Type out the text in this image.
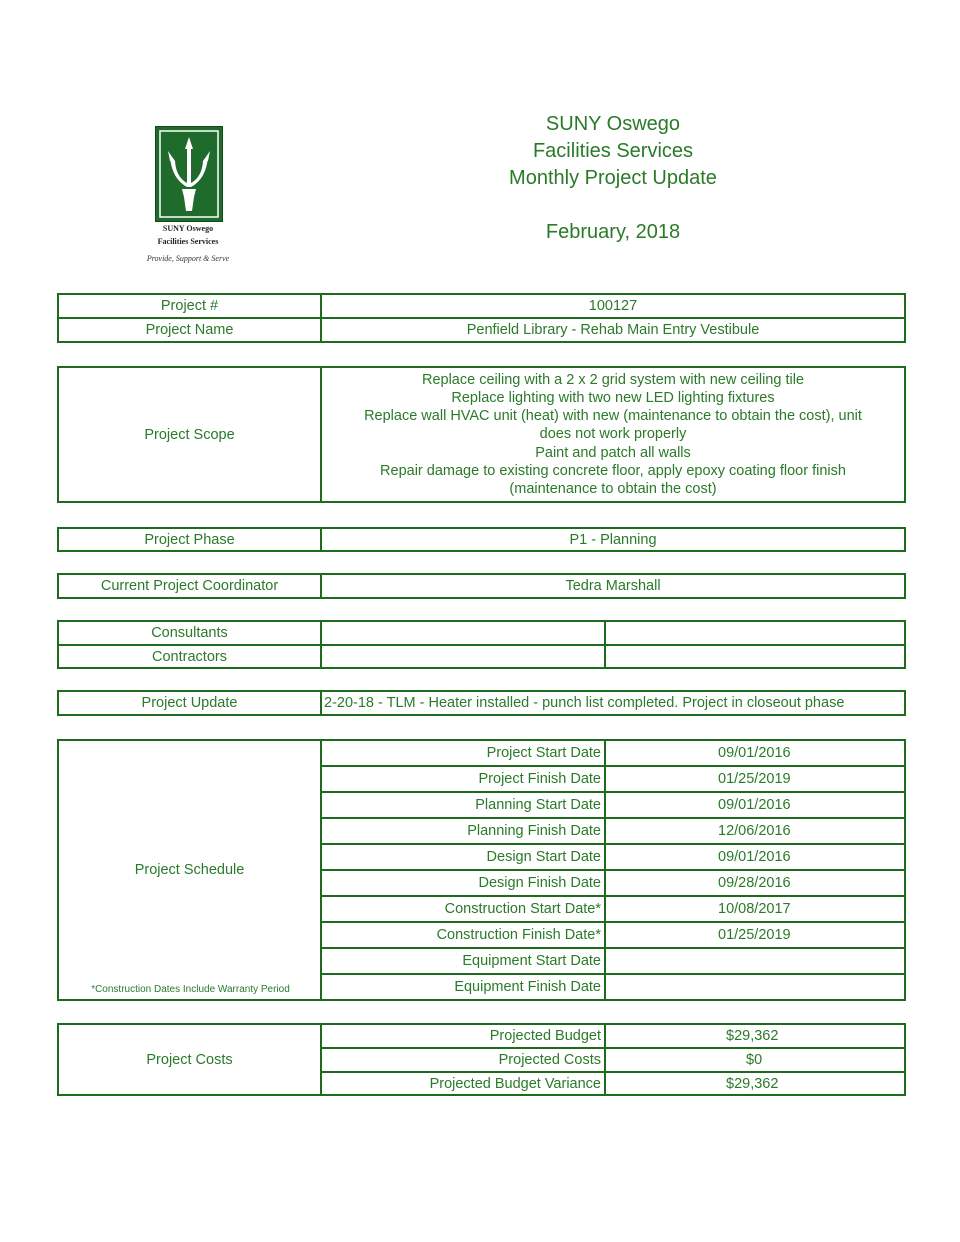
SUNY Oswego
Facilities Services
Provide, Support & Serve
SUNY Oswego
Facilities Services
Monthly Project Update
February, 2018
Project #	100127
Project Name	Penfield Library - Rehab Main Entry Vestibule
Project Scope
Replace ceiling with a 2 x 2 grid system with new ceiling tile
Replace lighting with two new LED lighting fixtures
Replace wall HVAC unit (heat) with new (maintenance to obtain the cost), unit
does not work properly
Paint and patch all walls
Repair damage to existing concrete floor, apply epoxy coating floor finish
(maintenance to obtain the cost)
Project Phase	P1 - Planning
Current Project Coordinator	Tedra Marshall
Consultants
Contractors
Project Update	2-20-18 - TLM - Heater installed - punch list completed. Project in closeout phase
Project Schedule
*Construction Dates Include Warranty Period
Project Start Date	09/01/2016
Project Finish Date	01/25/2019
Planning Start Date	09/01/2016
Planning Finish Date	12/06/2016
Design Start Date	09/01/2016
Design Finish Date	09/28/2016
Construction Start Date*	10/08/2017
Construction Finish Date*	01/25/2019
Equipment Start Date
Equipment Finish Date
Project Costs
Projected Budget	$29,362
Projected Costs	$0
Projected Budget Variance	$29,362
